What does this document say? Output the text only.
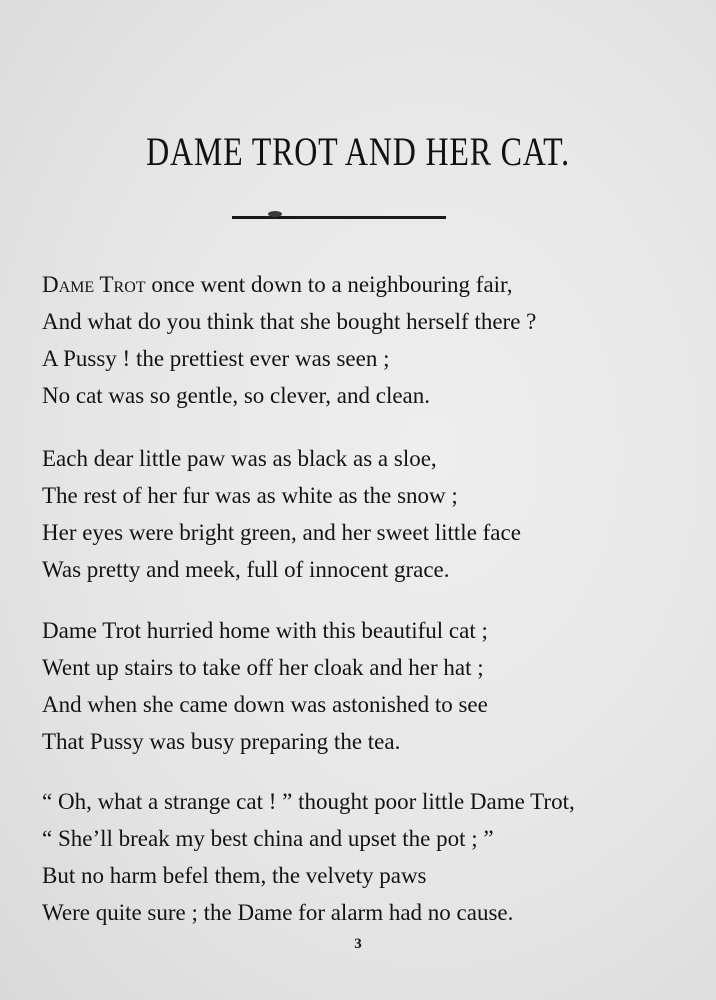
DAME TROT AND HER CAT.
Dame Trot once went down to a neighbouring fair,
And what do you think that she bought herself there ?
A Pussy ! the prettiest ever was seen ;
No cat was so gentle, so clever, and clean.
Each dear little paw was as black as a sloe,
The rest of her fur was as white as the snow ;
Her eyes were bright green, and her sweet little face
Was pretty and meek, full of innocent grace.
Dame Trot hurried home with this beautiful cat ;
Went up stairs to take off her cloak and her hat ;
And when she came down was astonished to see
That Pussy was busy preparing the tea.
“ Oh, what a strange cat ! ” thought poor little Dame Trot,
“ She’ll break my best china and upset the pot ; ”
But no harm befel them, the velvety paws
Were quite sure ; the Dame for alarm had no cause.
3
